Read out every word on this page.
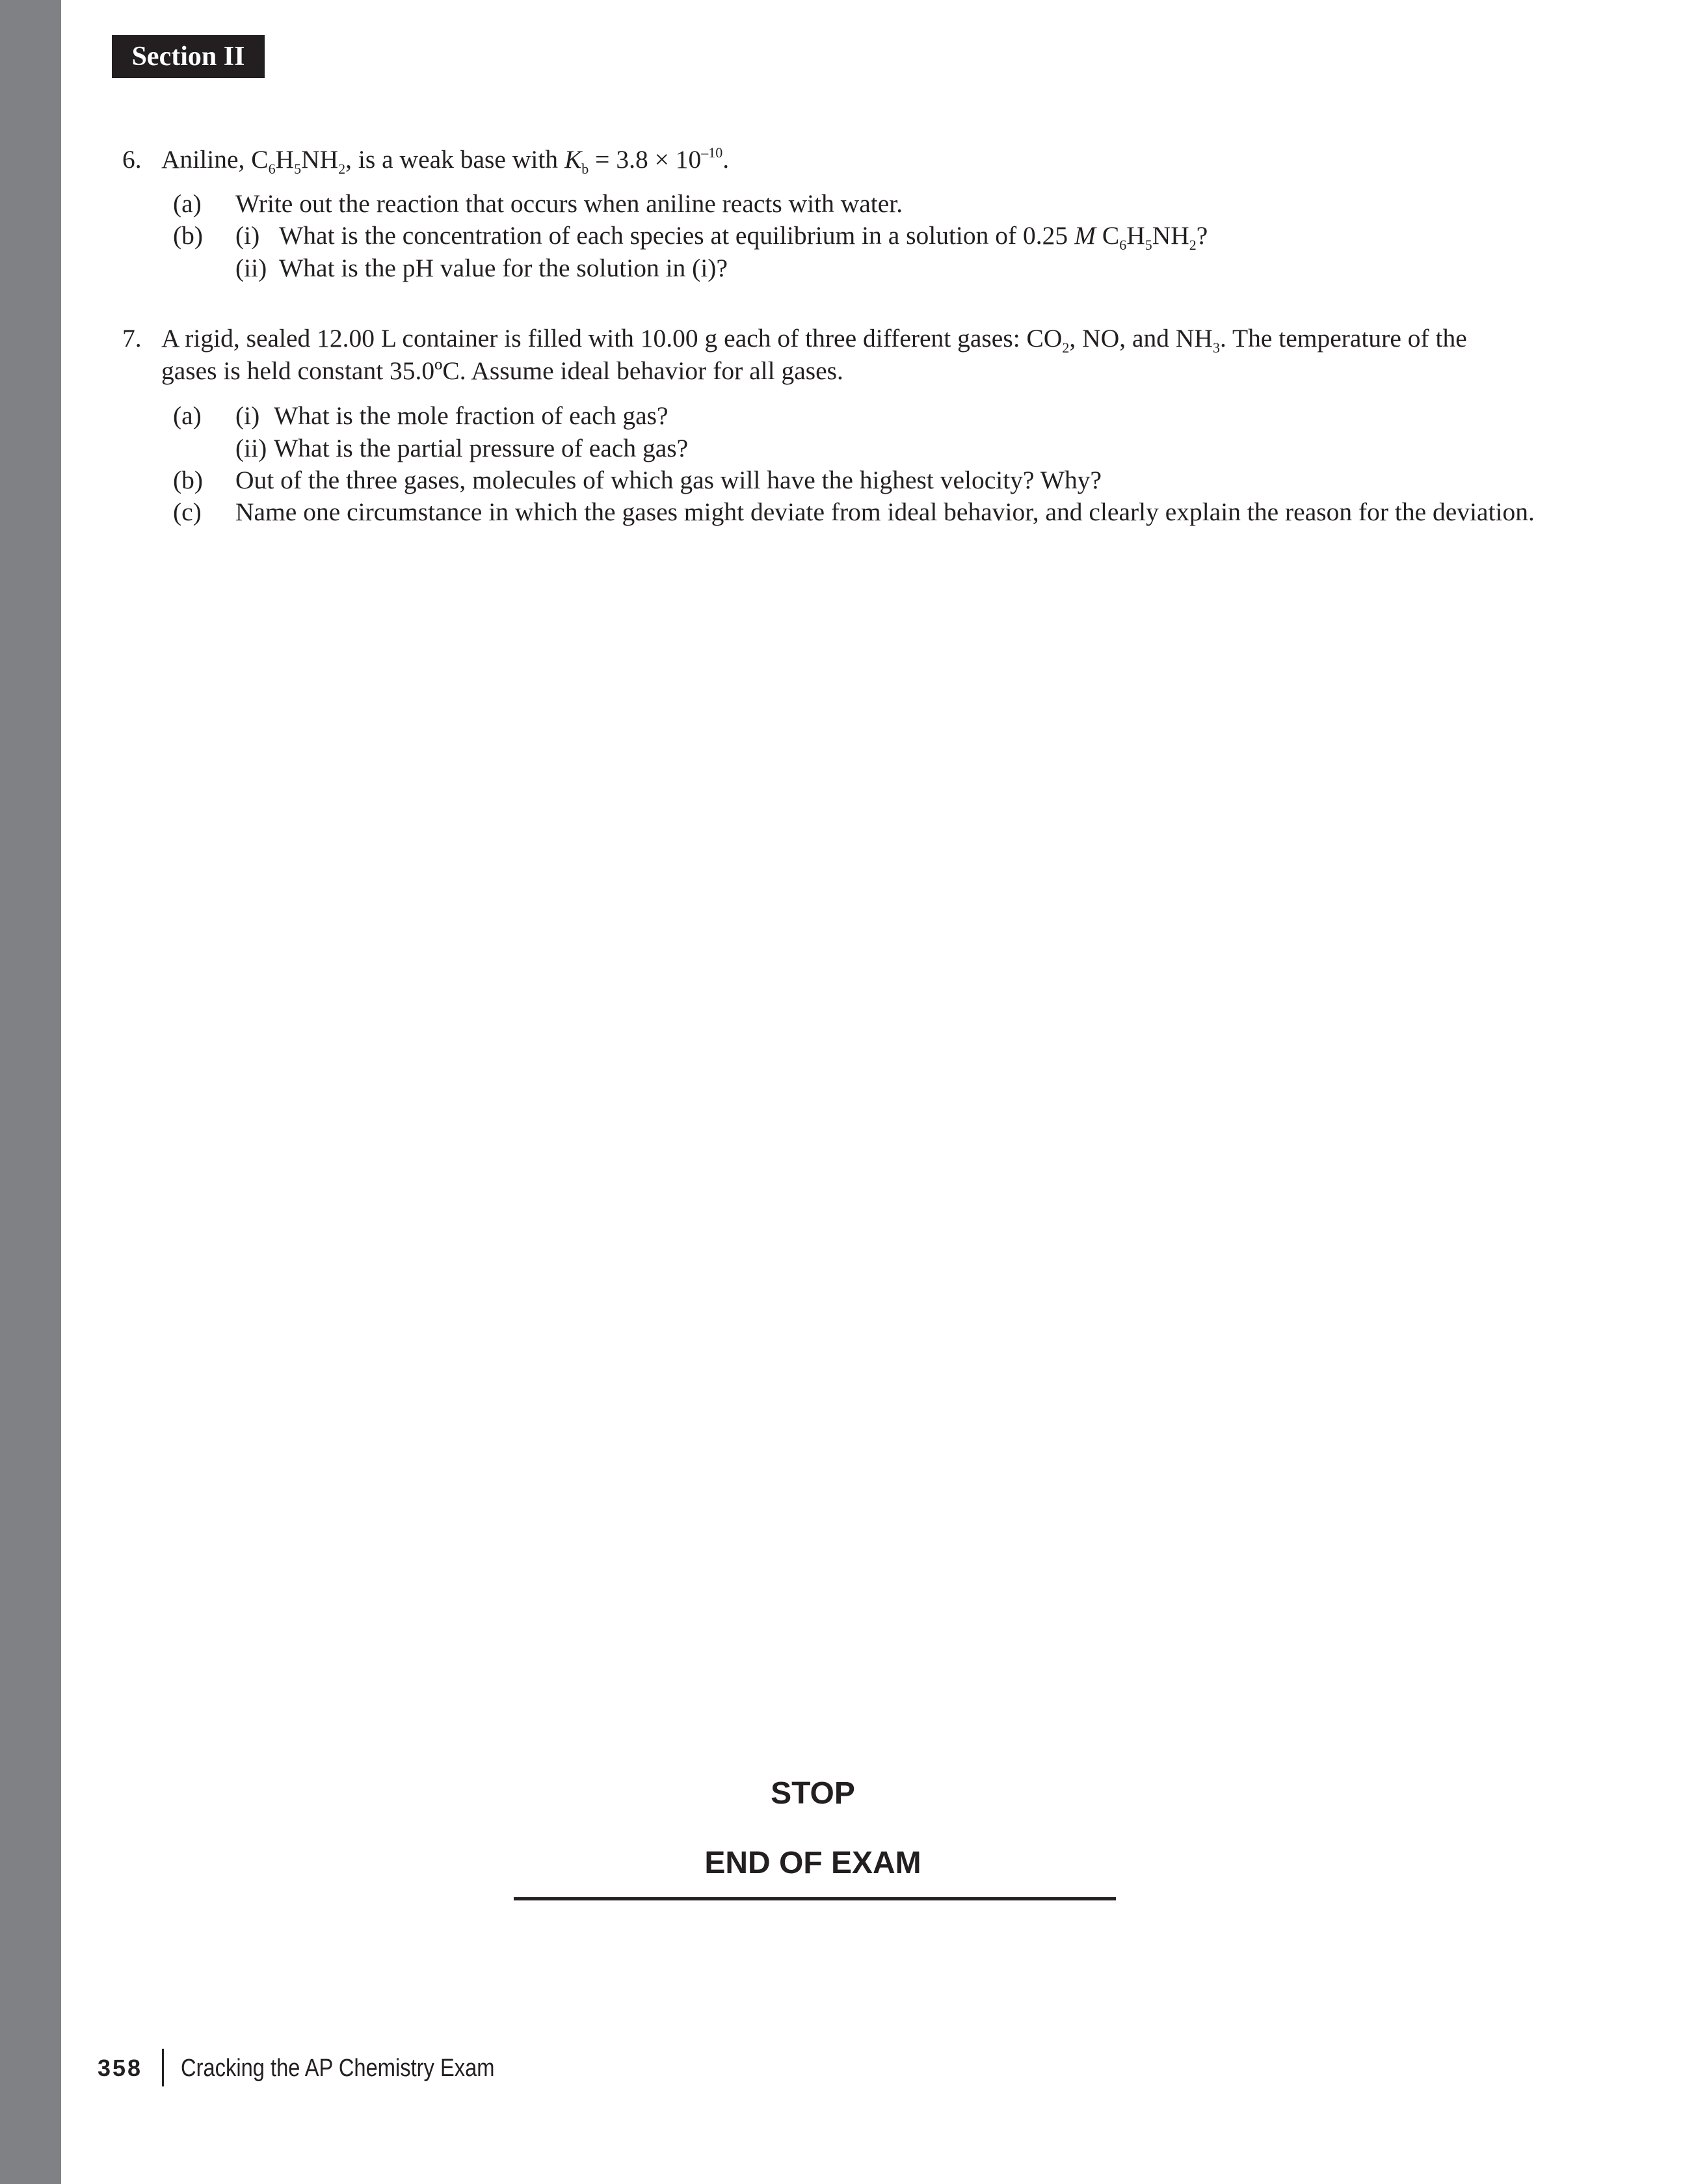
Section II
6. Aniline, $C_6H_5NH_2$, is a weak base with $K_b = 3.8 \times 10^{-10}$.
(a) Write out the reaction that occurs when aniline reacts with water.
(b) (i) What is the concentration of each species at equilibrium in a solution of 0.25 M $C_6H_5NH_2$?
(ii) What is the pH value for the solution in (i)?
7. A rigid, sealed 12.00 L container is filled with 10.00 g each of three different gases: $CO_2$, NO, and $NH_3$. The temperature of the gases is held constant 35.0ºC. Assume ideal behavior for all gases.
(a) (i) What is the mole fraction of each gas?
(ii) What is the partial pressure of each gas?
(b) Out of the three gases, molecules of which gas will have the highest velocity? Why?
(c) Name one circumstance in which the gases might deviate from ideal behavior, and clearly explain the reason for the deviation.
STOP
END OF EXAM
358 Cracking the AP Chemistry Exam
